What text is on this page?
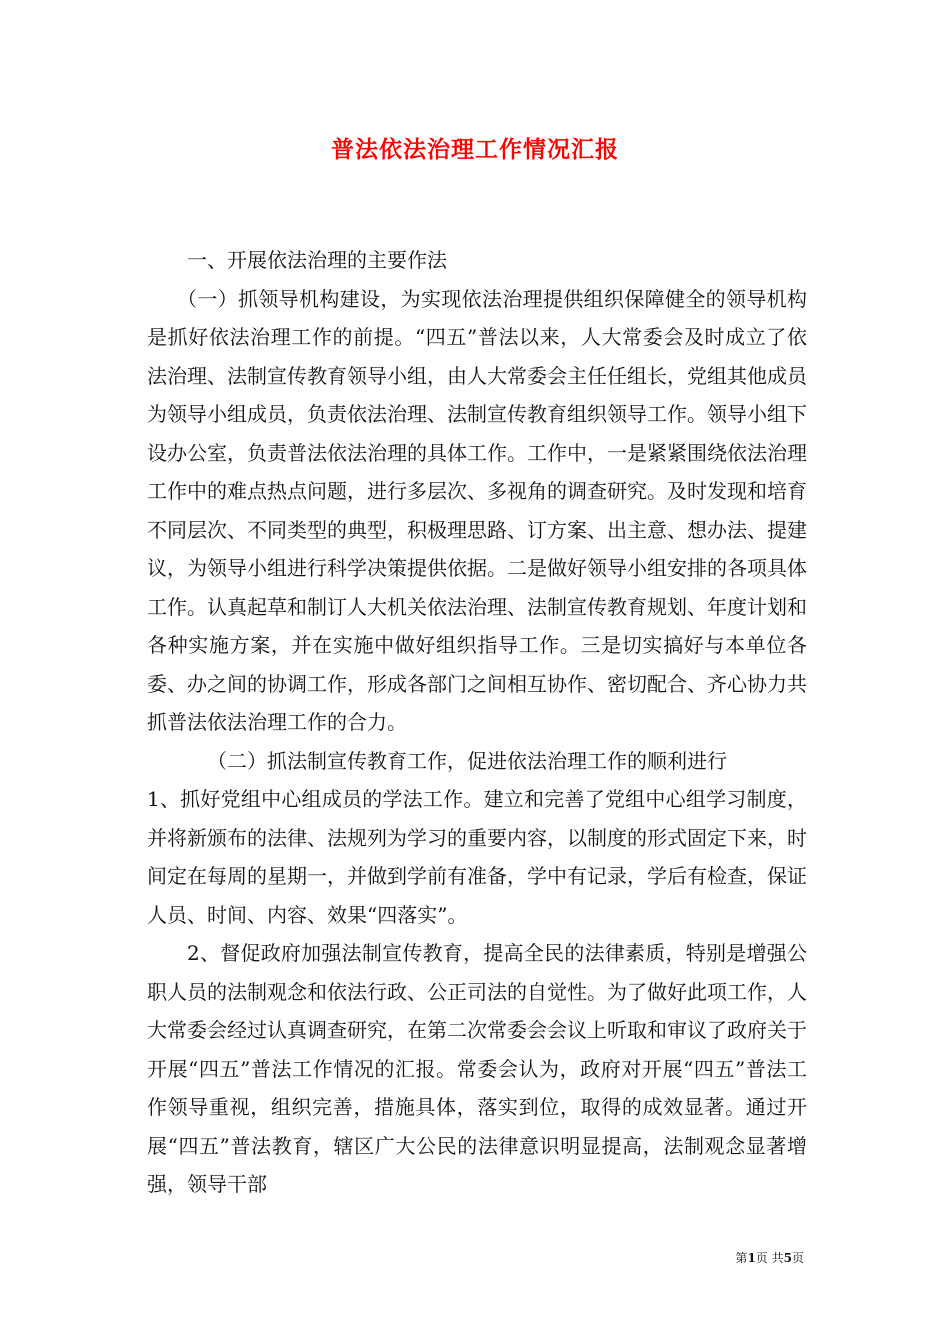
普法依法治理工作情况汇报

一、开展依法治理的主要作法

（一）抓领导机构建设，为实现依法治理提供组织保障健全的领导机构是抓好依法治理工作的前提。“四五”普法以来，人大常委会及时成立了依法治理、法制宣传教育领导小组，由人大常委会主任任组长，党组其他成员为领导小组成员，负责依法治理、法制宣传教育组织领导工作。领导小组下设办公室，负责普法依法治理的具体工作。工作中，一是紧紧围绕依法治理工作中的难点热点问题，进行多层次、多视角的调查研究。及时发现和培育不同层次、不同类型的典型，积极理思路、订方案、出主意、想办法、提建议，为领导小组进行科学决策提供依据。二是做好领导小组安排的各项具体工作。认真起草和制订人大机关依法治理、法制宣传教育规划、年度计划和各种实施方案，并在实施中做好组织指导工作。三是切实搞好与本单位各委、办之间的协调工作，形成各部门之间相互协作、密切配合、齐心协力共抓普法依法治理工作的合力。

（二）抓法制宣传教育工作，促进依法治理工作的顺利进行

1、抓好党组中心组成员的学法工作。建立和完善了党组中心组学习制度，并将新颁布的法律、法规列为学习的重要内容，以制度的形式固定下来，时间定在每周的星期一，并做到学前有准备，学中有记录，学后有检查，保证人员、时间、内容、效果“四落实”。

2、督促政府加强法制宣传教育，提高全民的法律素质，特别是增强公职人员的法制观念和依法行政、公正司法的自觉性。为了做好此项工作，人大常委会经过认真调查研究，在第二次常委会会议上听取和审议了政府关于开展“四五”普法工作情况的汇报。常委会认为，政府对开展“四五”普法工作领导重视，组织完善，措施具体，落实到位，取得的成效显著。通过开展“四五”普法教育，辖区广大公民的法律意识明显提高，法制观念显著增强，领导干部

第1页 共5页
